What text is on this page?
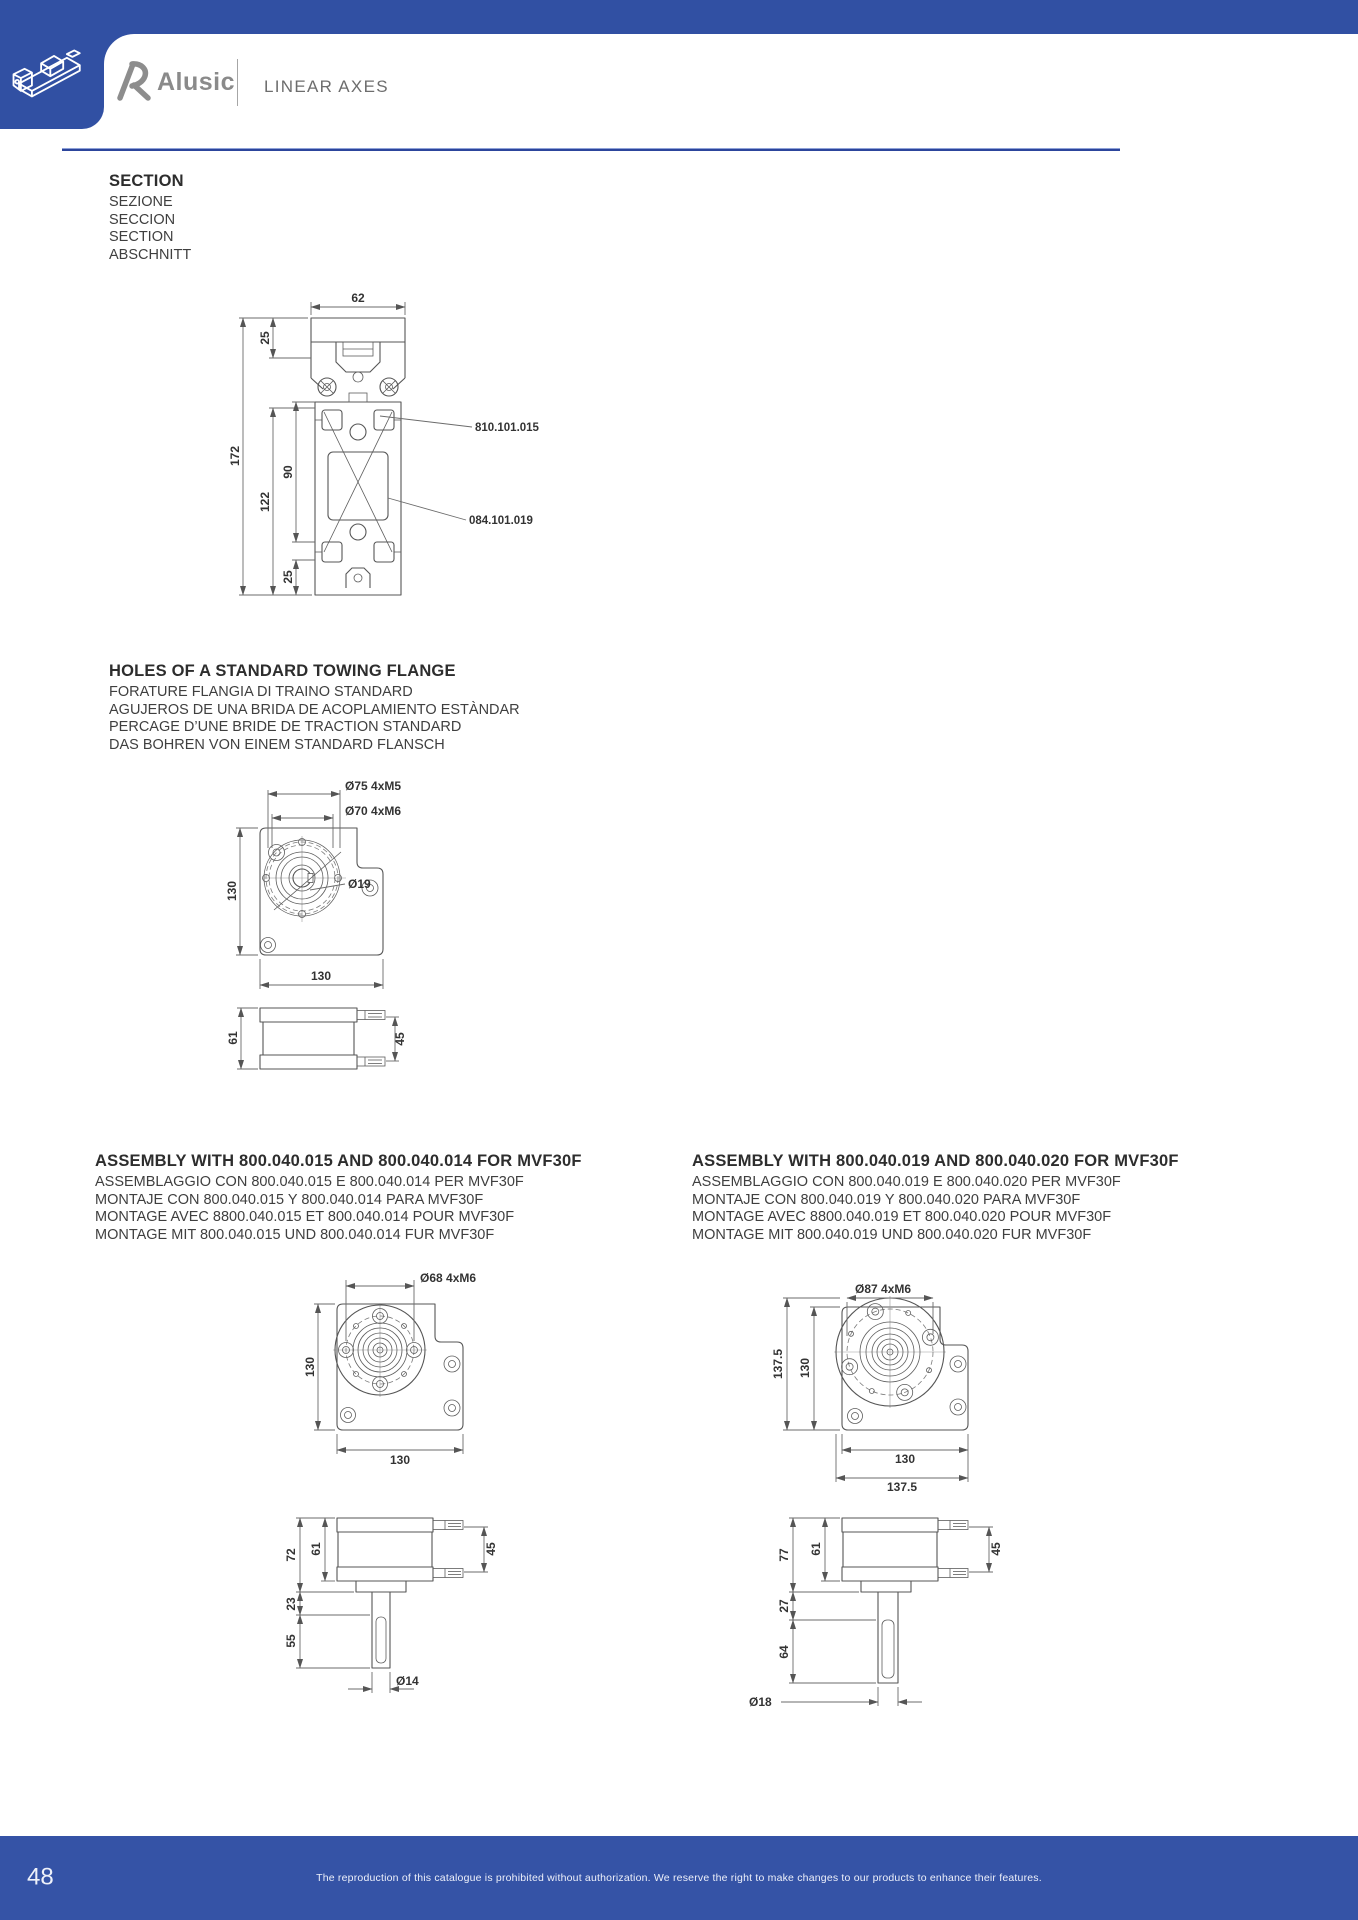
Alusic LINEAR AXES
SECTION

SEZIONE

SECCION

SECTION

ABSCHNITT

62
172
25
122
90
25
810.101.015
084.101.019
HOLES OF A STANDARD TOWING FLANGE

FORATURE FLANGIA DI TRAINO STANDARD

AGUJEROS DE UNA BRIDA DE ACOPLAMIENTO ESTÀNDAR

PERCAGE D’UNE BRIDE DE TRACTION STANDARD

DAS BOHREN VON EINEM STANDARD FLANSCH

Ø75 4xM5
Ø70 4xM6
Ø19
130
130
61	45
ASSEMBLY WITH 800.040.015 AND 800.040.014 FOR MVF30F

ASSEMBLAGGIO CON 800.040.015 E 800.040.014 PER MVF30F

MONTAJE CON 800.040.015 Y 800.040.014 PARA MVF30F

MONTAGE AVEC 8800.040.015 ET 800.040.014 POUR MVF30F

MONTAGE MIT 800.040.015 UND 800.040.014 FUR MVF30F

ASSEMBLY WITH 800.040.019 AND 800.040.020 FOR MVF30F

ASSEMBLAGGIO CON 800.040.019 E 800.040.020 PER MVF30F

MONTAJE CON 800.040.019 Y 800.040.020 PARA MVF30F

MONTAGE AVEC 8800.040.019 ET 800.040.020 POUR MVF30F

MONTAGE MIT 800.040.019 UND 800.040.020 FUR MVF30F

Ø68 4xM6
130
130
Ø87 4xM6
137.5 130
130
137.5
72 61
23
55
45
Ø14
77 61
27
64
45
Ø18
48	The reproduction of this catalogue is prohibited without authorization. We reserve the right to make changes to our products to enhance their features.
